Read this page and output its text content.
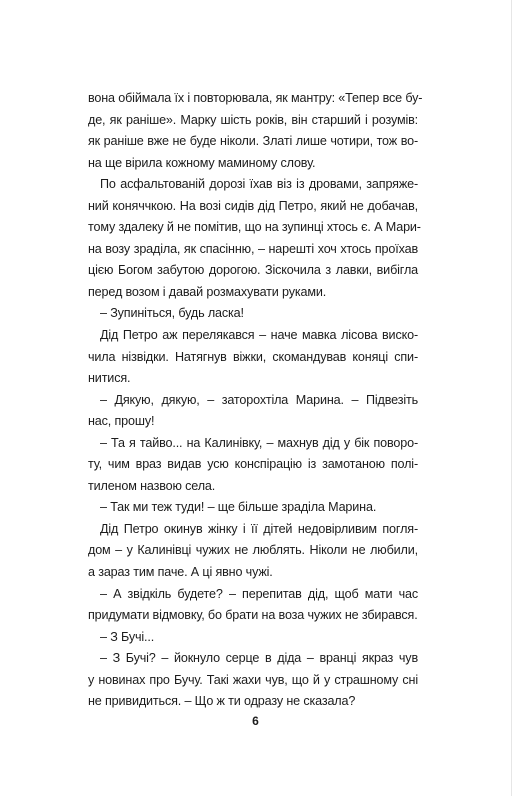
вона обіймала їх і повторювала, як мантру: «Тепер все бу-
де, як раніше». Марку шість років, він старший і розумів:
як раніше вже не буде ніколи. Златі лише чотири, тож во-
на ще вірила кожному маминому слову.
По асфальтованій дорозі їхав віз із дровами, запряже-
ний коняччкою. На возі сидів дід Петро, який не добачав,
тому здалеку й не помітив, що на зупинці хтось є. А Мари-
на возу зраділа, як спасінню, – нарешті хоч хтось проїхав
цією Богом забутою дорогою. Зіскочила з лавки, вибігла
перед возом і давай розмахувати руками.
– Зупиніться, будь ласка!
Дід Петро аж перелякався – наче мавка лісова виско-
чила нізвідки. Натягнув віжки, скомандував коняці спи-
нитися.
– Дякую, дякую, – заторохтіла Марина. – Підвезіть
нас, прошу!
– Та я тайво... на Калинівку, – махнув дід у бік поворо-
ту, чим враз видав усю конспірацію із замотаною полі-
тиленом назвою села.
– Так ми теж туди! – ще більше зраділа Марина.
Дід Петро окинув жінку і її дітей недовірливим погля-
дом – у Калинівці чужих не люблять. Ніколи не любили,
а зараз тим паче. А ці явно чужі.
– А звідкіль будете? – перепитав дід, щоб мати час
придумати відмовку, бо брати на воза чужих не збирався.
– З Бучі...
– З Бучі? – йокнуло серце в діда – вранці якраз чув
у новинах про Бучу. Такі жахи чув, що й у страшному сні
не привидиться. – Що ж ти одразу не сказала?
6
